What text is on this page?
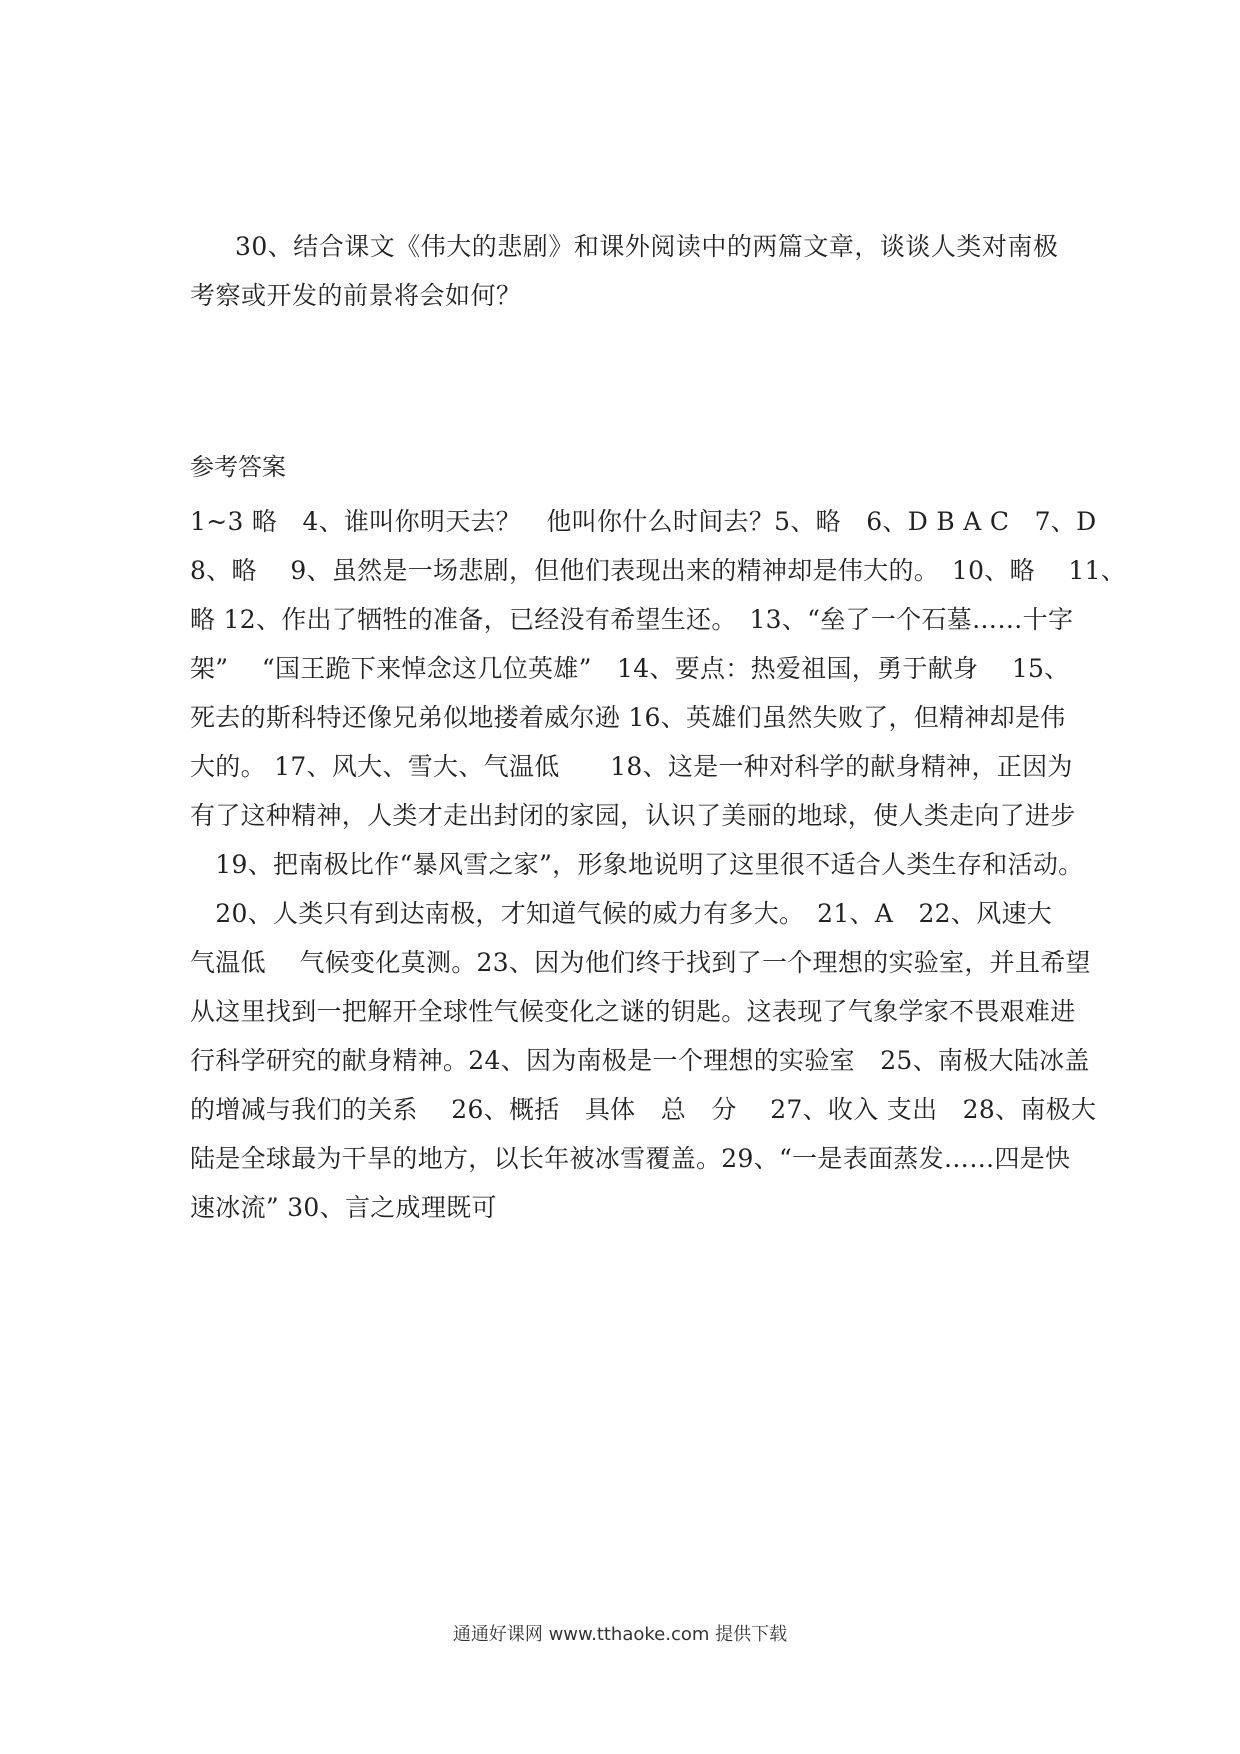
30、结合课文《伟大的悲剧》和课外阅读中的两篇文章，谈谈人类对南极考察或开发的前景将会如何？

参考答案
1~3 略　4、谁叫你明天去？　他叫你什么时间去？5、略　6、D B A C　7、D
8、略　 9、虽然是一场悲剧，但他们表现出来的精神却是伟大的。　10、略　 11、
略 12、作出了牺牲的准备，已经没有希望生还。　13、“垒了一个石墓……十字
架”　 “国王跪下来悼念这几位英雄”　14、要点：热爱祖国，勇于献身　 15、
死去的斯科特还像兄弟似地搂着威尔逊 16、英雄们虽然失败了，但精神却是伟
大的。 17、风大、雪大、气温低　　18、这是一种对科学的献身精神，正因为
有了这种精神，人类才走出封闭的家园，认识了美丽的地球，使人类走向了进步
　19、把南极比作“暴风雪之家”，形象地说明了这里很不适合人类生存和活动。
　20、人类只有到达南极，才知道气候的威力有多大。　21、A　22、风速大
气温低　 气候变化莫测。23、因为他们终于找到了一个理想的实验室，并且希望
从这里找到一把解开全球性气候变化之谜的钥匙。这表现了气象学家不畏艰难进
行科学研究的献身精神。24、因为南极是一个理想的实验室　25、南极大陆冰盖
的增减与我们的关系　 26、概括　具体　总　分　 27、收入 支出　28、南极大
陆是全球最为干旱的地方，以长年被冰雪覆盖。29、“一是表面蒸发……四是快
速冰流” 30、言之成理既可
通通好课网 www.tthaoke.com 提供下载
